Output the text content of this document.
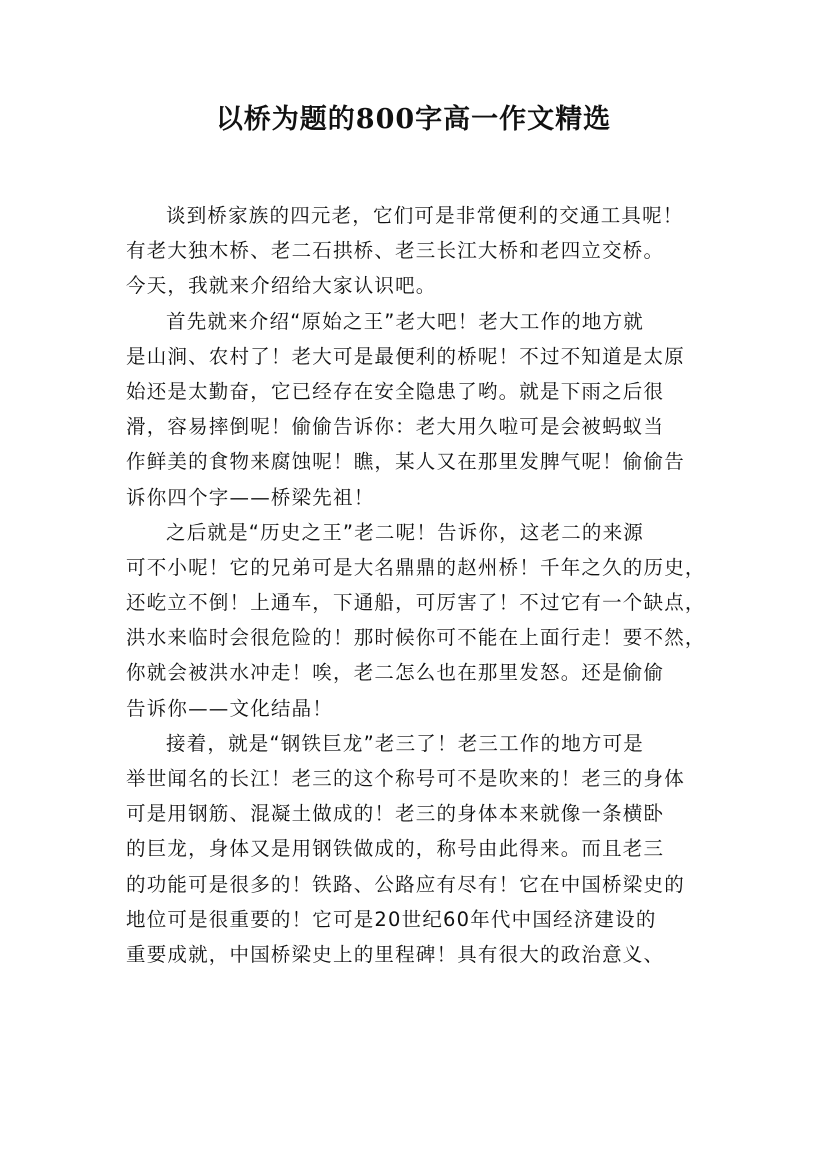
以桥为题的800字高一作文精选
谈到桥家族的四元老，它们可是非常便利的交通工具呢！
有老大独木桥、老二石拱桥、老三长江大桥和老四立交桥。
今天，我就来介绍给大家认识吧。
首先就来介绍“原始之王”老大吧！老大工作的地方就
是山涧、农村了！老大可是最便利的桥呢！不过不知道是太原
始还是太勤奋，它已经存在安全隐患了哟。就是下雨之后很
滑，容易摔倒呢！偷偷告诉你：老大用久啦可是会被蚂蚁当
作鲜美的食物来腐蚀呢！瞧，某人又在那里发脾气呢！偷偷告
诉你四个字——桥梁先祖！
之后就是“历史之王”老二呢！告诉你，这老二的来源
可不小呢！它的兄弟可是大名鼎鼎的赵州桥！千年之久的历史，
还屹立不倒！上通车，下通船，可厉害了！不过它有一个缺点，
洪水来临时会很危险的！那时候你可不能在上面行走！要不然，
你就会被洪水冲走！唉，老二怎么也在那里发怒。还是偷偷
告诉你——文化结晶！
接着，就是“钢铁巨龙”老三了！老三工作的地方可是
举世闻名的长江！老三的这个称号可不是吹来的！老三的身体
可是用钢筋、混凝土做成的！老三的身体本来就像一条横卧
的巨龙，身体又是用钢铁做成的，称号由此得来。而且老三
的功能可是很多的！铁路、公路应有尽有！它在中国桥梁史的
地位可是很重要的！它可是20世纪60年代中国经济建设的
重要成就，中国桥梁史上的里程碑！具有很大的政治意义、
